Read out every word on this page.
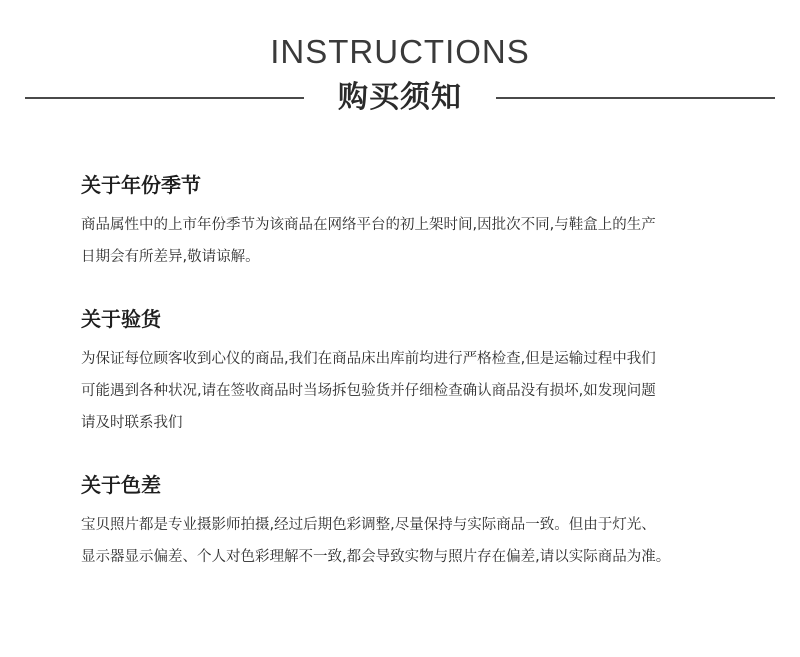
INSTRUCTIONS
购买须知
关于年份季节

商品属性中的上市年份季节为该商品在网络平台的初上架时间,因批次不同,与鞋盒上的生产
日期会有所差异,敬请谅解。

关于验货

为保证每位顾客收到心仪的商品,我们在商品床出库前均进行严格检查,但是运输过程中我们
可能遇到各种状况,请在签收商品时当场拆包验货并仔细检查确认商品没有损坏,如发现问题
请及时联系我们

关于色差

宝贝照片都是专业摄影师拍摄,经过后期色彩调整,尽量保持与实际商品一致。但由于灯光、
显示器显示偏差、个人对色彩理解不一致,都会导致实物与照片存在偏差,请以实际商品为准。
